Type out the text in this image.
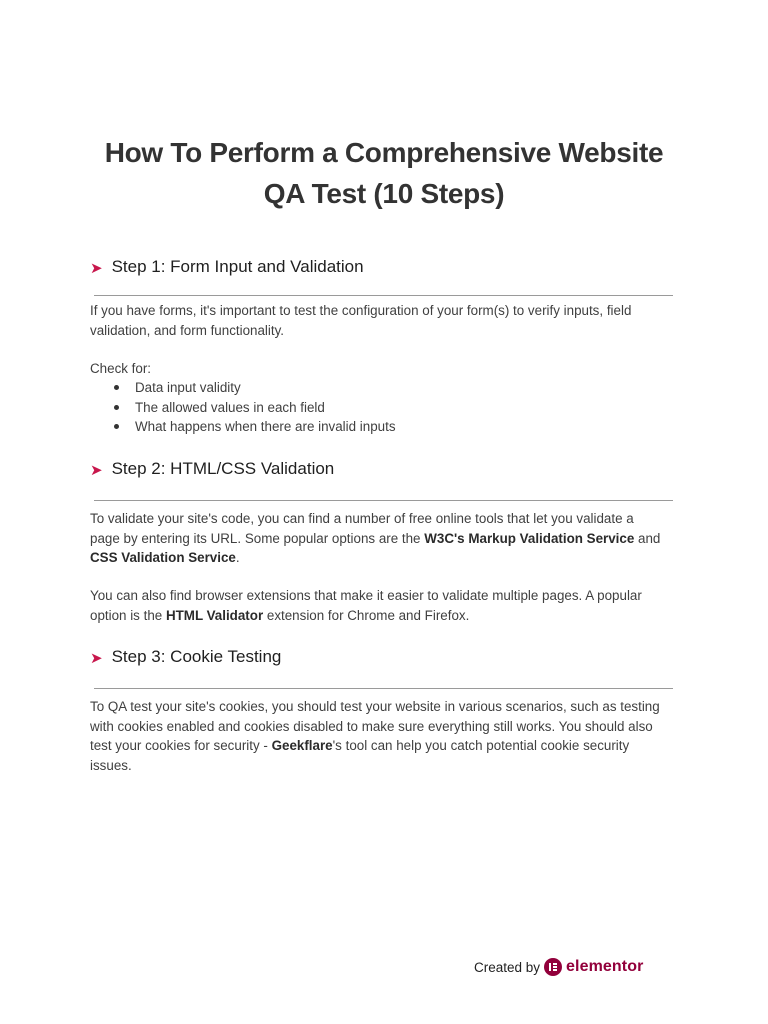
How To Perform a Comprehensive Website
QA Test (10 Steps)
➤ Step 1: Form Input and Validation

If you have forms, it's important to test the configuration of your form(s) to verify inputs, field

validation, and form functionality.

Check for:

Data input validity
The allowed values in each field
What happens when there are invalid inputs
➤ Step 2: HTML/CSS Validation

To validate your site's code, you can find a number of free online tools that let you validate a

page by entering its URL. Some popular options are the W3C's Markup Validation Service and

CSS Validation Service.

You can also find browser extensions that make it easier to validate multiple pages. A popular

option is the HTML Validator extension for Chrome and Firefox.

➤ Step 3: Cookie Testing

To QA test your site's cookies, you should test your website in various scenarios, such as testing

with cookies enabled and cookies disabled to make sure everything still works. You should also

test your cookies for security - Geekflare's tool can help you catch potential cookie security

issues.

Created by elementor
